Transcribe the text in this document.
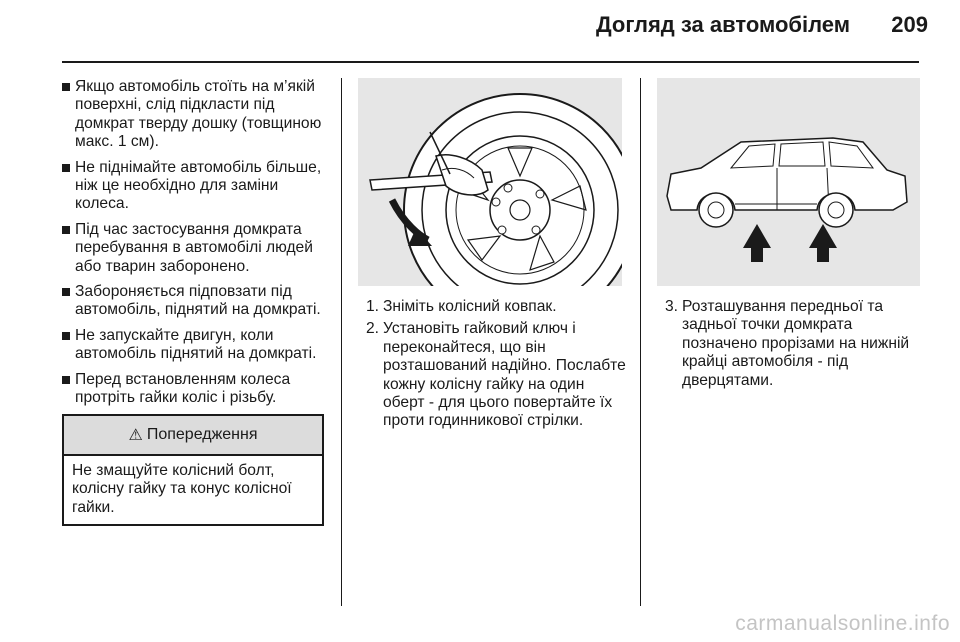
Догляд за автомобілем	209
Якщо автомобіль стоїть на м’якій поверхні, слід підкласти під домкрат тверду дошку (товщиною макс. 1 см).
Не піднімайте автомобіль більше, ніж це необхідно для заміни колеса.
Під час застосування домкрата перебування в автомобілі людей або тварин заборонено.
Забороняється підповзати під автомобіль, піднятий на домкраті.
Не запускайте двигун, коли автомобіль піднятий на домкраті.
Перед встановленням колеса протріть гайки коліс і різьбу.
⚠ Попередження
Не змащуйте колісний болт, колісну гайку та конус колісної гайки.
1. Зніміть колісний ковпак.
2. Установіть гайковий ключ і переконайтеся, що він розташований надійно. Послабте кожну колісну гайку на один оберт - для цього повертайте їх проти годинникової стрілки.
3. Розташування передньої та задньої точки домкрата позначено прорізами на нижній крайці автомобіля - під дверцятами.
carmanualsonline.info
